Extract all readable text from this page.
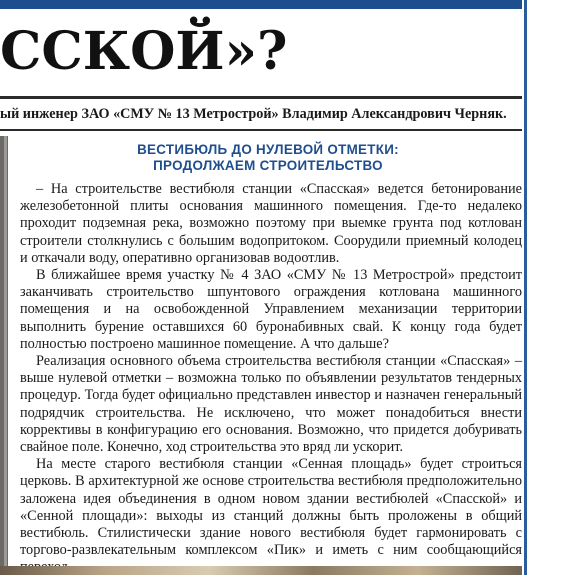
ССКОЙ»?

ый инженер ЗАО «СМУ № 13 Метрострой» Владимир Александрович Черняк.

ВЕСТИБЮЛЬ ДО НУЛЕВОЙ ОТМЕТКИ:
ПРОДОЛЖАЕМ СТРОИТЕЛЬСТВО

– На строительстве вестибюля станции «Спасская» ведется бетонирование железобетонной плиты основания машинного помещения. Где-то недалеко проходит подземная река, возможно поэтому при выемке грунта под котлован строители столкнулись с большим водопритоком. Соорудили приемный колодец и откачали воду, оперативно организовав водоотлив.

В ближайшее время участку № 4 ЗАО «СМУ № 13 Метрострой» предстоит заканчивать строительство шпунтового ограждения котлована машинного помещения и на освобожденной Управлением механизации территории выполнить бурение оставшихся 60 буронабивных свай. К концу года будет полностью построено машинное помещение. А что дальше?

Реализация основного объема строительства вестибюля станции «Спасская» – выше нулевой отметки – возможна только по объявлении результатов тендерных процедур. Тогда будет официально представлен инвестор и назначен генеральный подрядчик строительства. Не исключено, что может понадобиться внести коррективы в конфигурацию его основания. Возможно, что придется добуривать свайное поле. Конечно, ход строительства это вряд ли ускорит.

На месте старого вестибюля станции «Сенная площадь» будет строиться церковь. В архитектурной же основе строительства вестибюля предположительно заложена идея объединения в одном новом здании вестибюлей «Спасской» и «Сенной площади»: выходы из станций должны быть проложены в общий вестибюль. Стилистически здание нового вестибюля будет гармонировать с торгово-развлекательным комплексом «Пик» и иметь с ним сообщающийся
